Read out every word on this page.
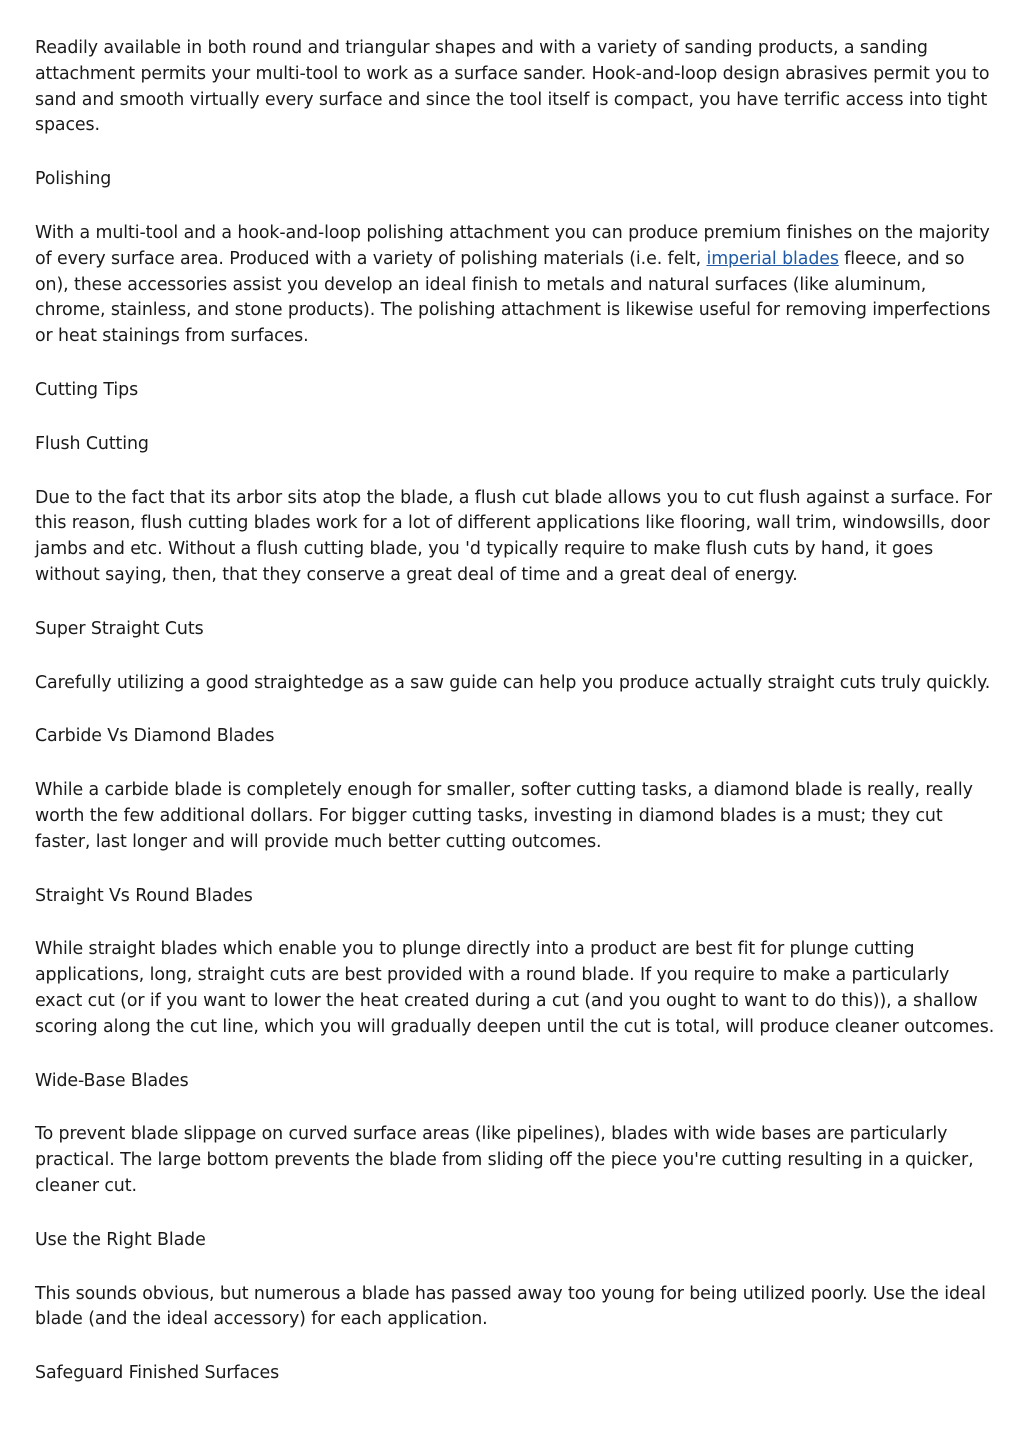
Readily available in both round and triangular shapes and with a variety of sanding products, a sanding attachment permits your multi-tool to work as a surface sander. Hook-and-loop design abrasives permit you to sand and smooth virtually every surface and since the tool itself is compact, you have terrific access into tight spaces.

Polishing

With a multi-tool and a hook-and-loop polishing attachment you can produce premium finishes on the majority of every surface area. Produced with a variety of polishing materials (i.e. felt, imperial blades fleece, and so on), these accessories assist you develop an ideal finish to metals and natural surfaces (like aluminum, chrome, stainless, and stone products). The polishing attachment is likewise useful for removing imperfections or heat stainings from surfaces.

Cutting Tips

Flush Cutting

Due to the fact that its arbor sits atop the blade, a flush cut blade allows you to cut flush against a surface. For this reason, flush cutting blades work for a lot of different applications like flooring, wall trim, windowsills, door jambs and etc. Without a flush cutting blade, you 'd typically require to make flush cuts by hand, it goes without saying, then, that they conserve a great deal of time and a great deal of energy.

Super Straight Cuts

Carefully utilizing a good straightedge as a saw guide can help you produce actually straight cuts truly quickly.

Carbide Vs Diamond Blades

While a carbide blade is completely enough for smaller, softer cutting tasks, a diamond blade is really, really worth the few additional dollars. For bigger cutting tasks, investing in diamond blades is a must; they cut faster, last longer and will provide much better cutting outcomes.

Straight Vs Round Blades

While straight blades which enable you to plunge directly into a product are best fit for plunge cutting applications, long, straight cuts are best provided with a round blade. If you require to make a particularly exact cut (or if you want to lower the heat created during a cut (and you ought to want to do this)), a shallow scoring along the cut line, which you will gradually deepen until the cut is total, will produce cleaner outcomes.

Wide-Base Blades

To prevent blade slippage on curved surface areas (like pipelines), blades with wide bases are particularly practical. The large bottom prevents the blade from sliding off the piece you're cutting resulting in a quicker, cleaner cut.

Use the Right Blade

This sounds obvious, but numerous a blade has passed away too young for being utilized poorly. Use the ideal blade (and the ideal accessory) for each application.

Safeguard Finished Surfaces
